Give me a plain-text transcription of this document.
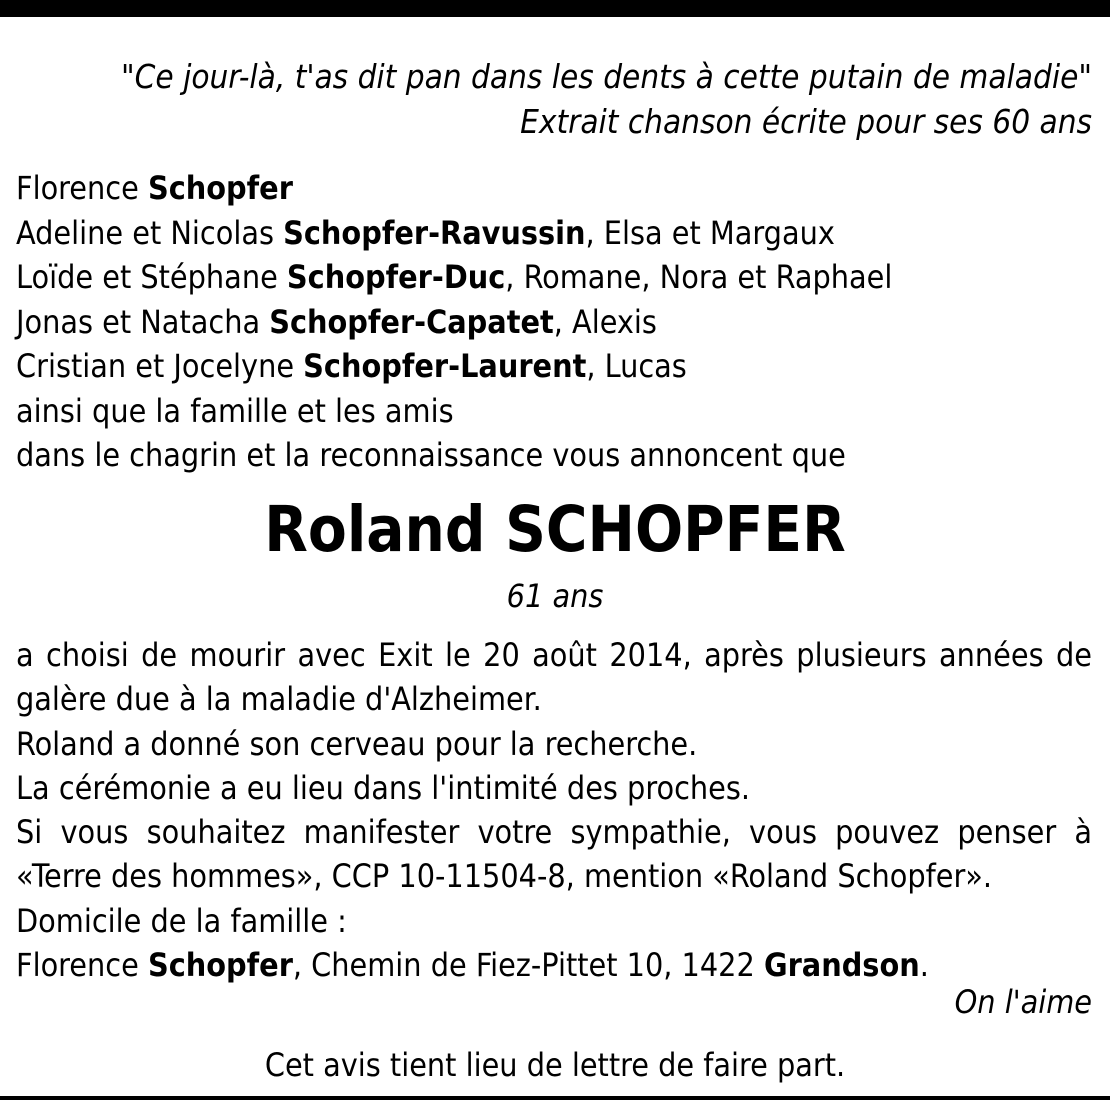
"Ce jour-là, t'as dit pan dans les dents à cette putain de maladie"
Extrait chanson écrite pour ses 60 ans
Florence Schopfer
Adeline et Nicolas Schopfer-Ravussin, Elsa et Margaux
Loïde et Stéphane Schopfer-Duc, Romane, Nora et Raphael
Jonas et Natacha Schopfer-Capatet, Alexis
Cristian et Jocelyne Schopfer-Laurent, Lucas
ainsi que la famille et les amis
dans le chagrin et la reconnaissance vous annoncent que
Roland SCHOPFER
61 ans

a choisi de mourir avec Exit le 20 août 2014, après plusieurs années de galère due à la maladie d'Alzheimer.

Roland a donné son cerveau pour la recherche.

La cérémonie a eu lieu dans l'intimité des proches.

Si vous souhaitez manifester votre sympathie, vous pouvez penser à «Terre des hommes», CCP 10-11504-8, mention «Roland Schopfer».

Domicile de la famille :

Florence Schopfer, Chemin de Fiez-Pittet 10, 1422 Grandson.

On l'aime
Cet avis tient lieu de lettre de faire part.
